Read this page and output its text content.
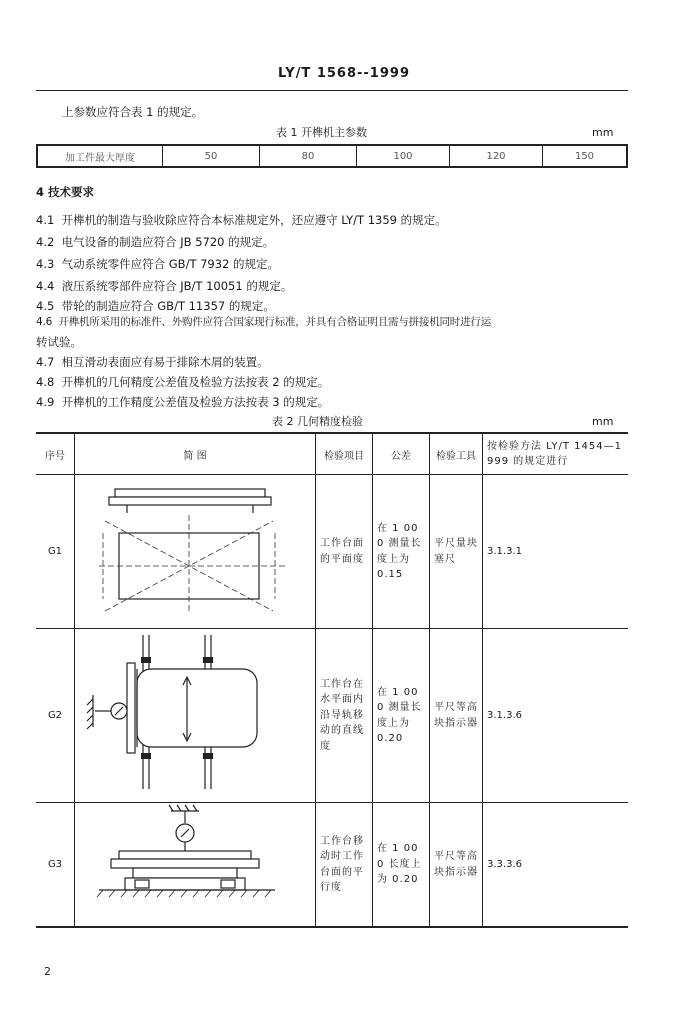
LY/T 1568--1999
上参数应符合表 1 的规定。
表 1 开榫机主参数	mm
加工件最大厚度	50	80	100	120	150
4 技术要求
4.1 开榫机的制造与验收除应符合本标准规定外，还应遵守 LY/T 1359 的规定。
4.2 电气设备的制造应符合 JB 5720 的规定。
4.3 气动系统零件应符合 GB/T 7932 的规定。
4.4 液压系统零部件应符合 JB/T 10051 的规定。
4.5 带轮的制造应符合 GB/T 11357 的规定。
4.6 开榫机所采用的标准件、外购件应符合国家现行标准，并具有合格证明且需与拼接机同时进行运
转试验。
4.7 相互滑动表面应有易于排除木屑的装置。
4.8 开榫机的几何精度公差值及检验方法按表 2 的规定。
4.9 开榫机的工作精度公差值及检验方法按表 3 的规定。
表 2 几何精度检验	mm
序号	简 图	检验项目	公差	检验工具	按检验方法 LY/T 1454—1999 的规定进行
G1		工作台面的平面度	在 1 000 测量长度上为 0.15	平尺量块塞尺	3.1.3.1
G2		工作台在水平面内沿导轨移动的直线度	在 1 000 测量长度上为 0.20	平尺等高块指示器	3.1.3.6
G3		工作台移动时工作台面的平行度	在 1 000 长度上为 0.20	平尺等高块指示器	3.3.3.6
2
